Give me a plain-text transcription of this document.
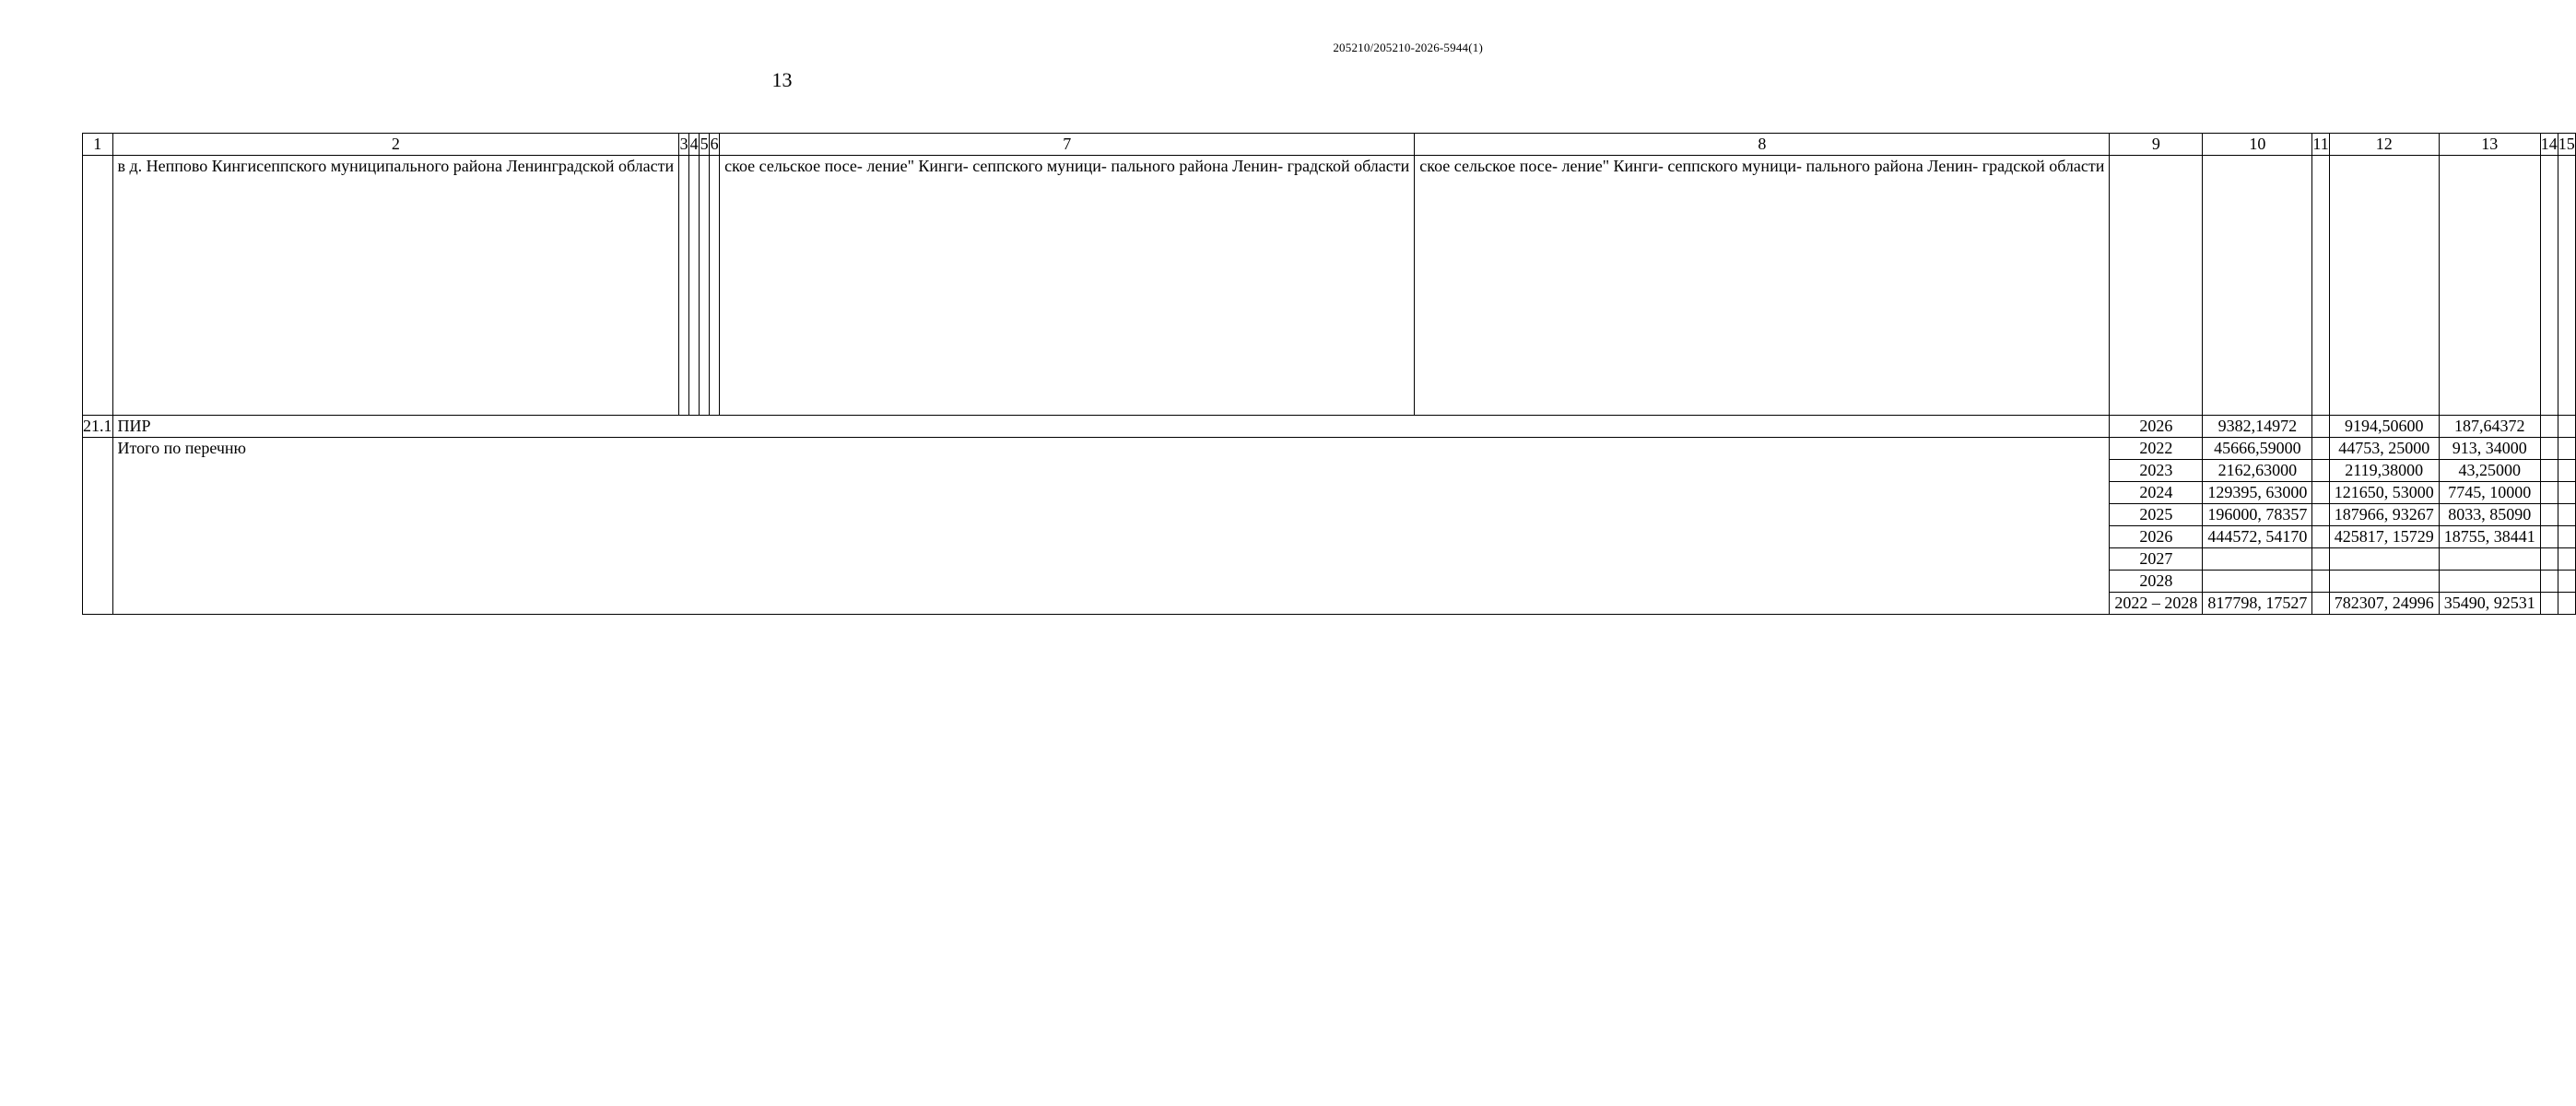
205210/205210-2026-5944(1)
13
1	2	3	4	5	6	7	8	9	10	11	12	13	14	15
	в д. Неппово Кингисеппского муниципального района Ленинградской области					ское сельское посе- ление" Кинги- сеппского муници- пального района Ленин- градской области	ское сельское посе- ление" Кинги- сеппского муници- пального района Ленин- градской области							
21.1	ПИР							2026	9382,14972		9194,50600	187,64372		
	Итого по перечню							2022	45666,59000		44753, 25000	913, 34000		
								2023	2162,63000		2119,38000	43,25000		
								2024	129395, 63000		121650, 53000	7745, 10000		
								2025	196000, 78357		187966, 93267	8033, 85090		
								2026	444572, 54170		425817, 15729	18755, 38441		
								2027						
								2028						
								2022 – 2028	817798, 17527		782307, 24996	35490, 92531		
